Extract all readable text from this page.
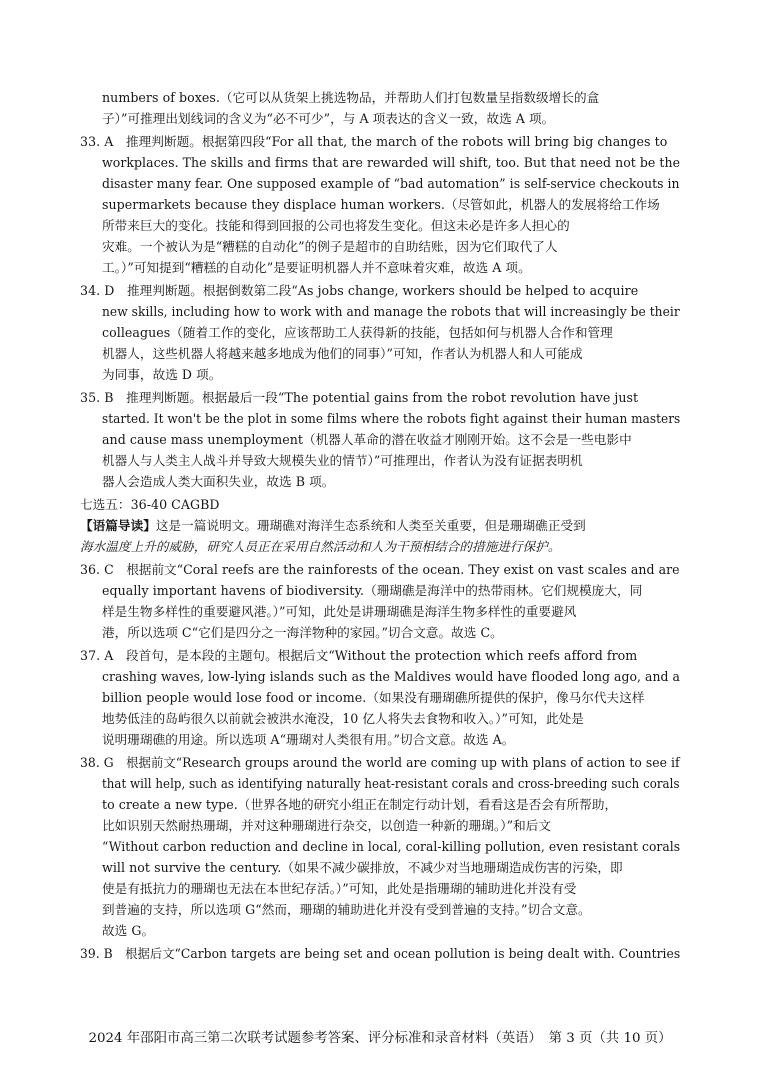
numbers of boxes.（它可以从货架上挑选物品，并帮助人们打包数量呈指数级增长的盒
子）”可推理出划线词的含义为“必不可少”，与 A 项表达的含义一致，故选 A 项。
33. A　推理判断题。根据第四段“For all that, the march of the robots will bring big changes to
workplaces. The skills and firms that are rewarded will shift, too. But that need not be the
disaster many fear. One supposed example of “bad automation” is self-service checkouts in
supermarkets because they displace human workers.（尽管如此，机器人的发展将给工作场
所带来巨大的变化。技能和得到回报的公司也将发生变化。但这未必是许多人担心的
灾难。一个被认为是“糟糕的自动化”的例子是超市的自助结账，因为它们取代了人
工。）”可知提到“糟糕的自动化”是要证明机器人并不意味着灾难，故选 A 项。
34. D　推理判断题。根据倒数第二段“As jobs change, workers should be helped to acquire
new skills, including how to work with and manage the robots that will increasingly be their
colleagues（随着工作的变化，应该帮助工人获得新的技能，包括如何与机器人合作和管理
机器人，这些机器人将越来越多地成为他们的同事）”可知，作者认为机器人和人可能成
为同事，故选 D 项。
35. B　推理判断题。根据最后一段“The potential gains from the robot revolution have just
started. It won't be the plot in some films where the robots fight against their human masters
and cause mass unemployment（机器人革命的潜在收益才刚刚开始。这不会是一些电影中
机器人与人类主人战斗并导致大规模失业的情节）”可推理出，作者认为没有证据表明机
器人会造成人类大面积失业，故选 B 项。
七选五：36-40 CAGBD
【语篇导读】这是一篇说明文。珊瑚礁对海洋生态系统和人类至关重要，但是珊瑚礁正受到
海水温度上升的威胁，研究人员正在采用自然活动和人为干预相结合的措施进行保护。
36. C　根据前文“Coral reefs are the rainforests of the ocean. They exist on vast scales and are
equally important havens of biodiversity.（珊瑚礁是海洋中的热带雨林。它们规模庞大，同
样是生物多样性的重要避风港。）”可知，此处是讲珊瑚礁是海洋生物多样性的重要避风
港，所以选项 C“它们是四分之一海洋物种的家园。”切合文意。故选 C。
37. A　段首句，是本段的主题句。根据后文“Without the protection which reefs afford from
crashing waves, low-lying islands such as the Maldives would have flooded long ago, and a
billion people would lose food or income.（如果没有珊瑚礁所提供的保护，像马尔代夫这样
地势低洼的岛屿很久以前就会被洪水淹没，10 亿人将失去食物和收入。）”可知，此处是
说明珊瑚礁的用途。所以选项 A“珊瑚对人类很有用。”切合文意。故选 A。
38. G　根据前文“Research groups around the world are coming up with plans of action to see if
that will help, such as identifying naturally heat-resistant corals and cross-breeding such corals
to create a new type.（世界各地的研究小组正在制定行动计划，看看这是否会有所帮助，
比如识别天然耐热珊瑚，并对这种珊瑚进行杂交，以创造一种新的珊瑚。）”和后文
“Without carbon reduction and decline in local, coral-killing pollution, even resistant corals
will not survive the century.（如果不减少碳排放，不减少对当地珊瑚造成伤害的污染，即
使是有抵抗力的珊瑚也无法在本世纪存活。）”可知，此处是指珊瑚的辅助进化并没有受
到普遍的支持，所以选项 G“然而，珊瑚的辅助进化并没有受到普遍的支持。”切合文意。
故选 G。
39. B　根据后文“Carbon targets are being set and ocean pollution is being dealt with. Countries
2024 年邵阳市高三第二次联考试题参考答案、评分标准和录音材料（英语）　第 3 页（共 10 页）
